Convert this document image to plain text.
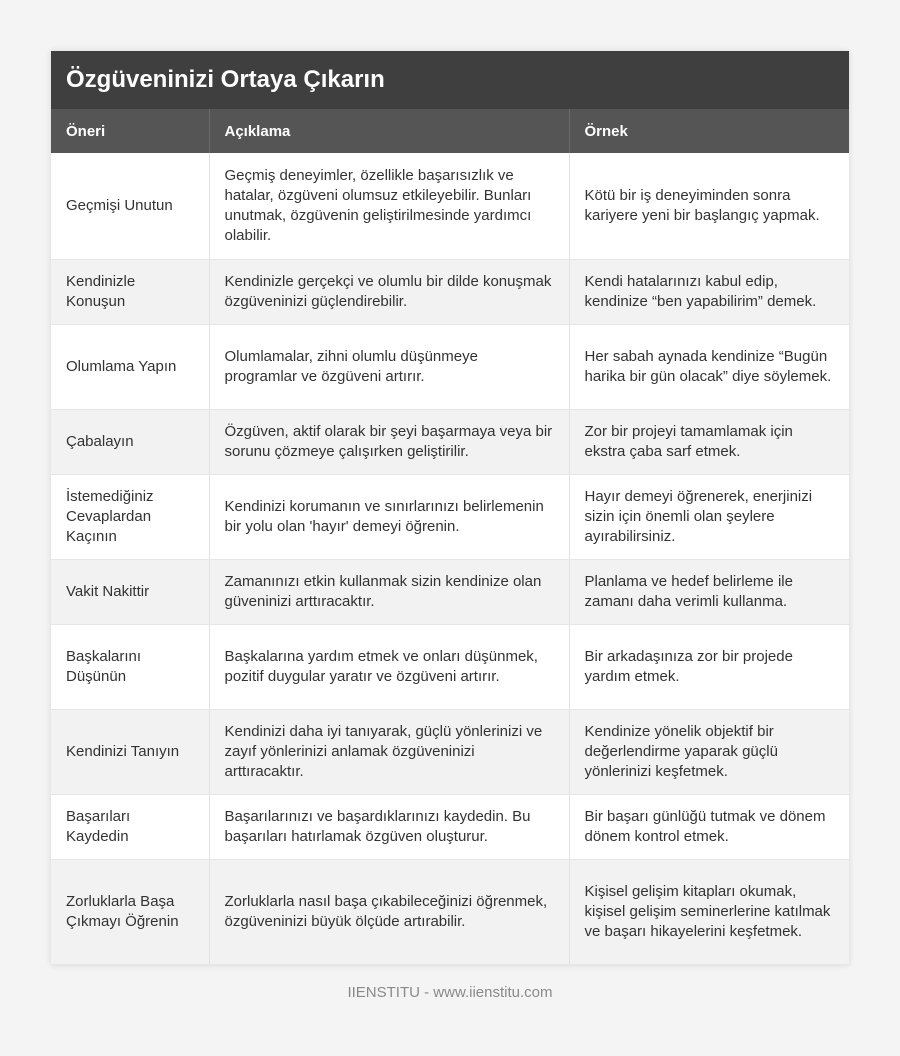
Özgüveninizi Ortaya Çıkarın
Öneri	Açıklama	Örnek
Geçmişi Unutun	Geçmiş deneyimler, özellikle başarısızlık ve hatalar, özgüveni olumsuz etkileyebilir. Bunları unutmak, özgüvenin geliştirilmesinde yardımcı olabilir.	Kötü bir iş deneyiminden sonra kariyere yeni bir başlangıç yapmak.
Kendinizle Konuşun	Kendinizle gerçekçi ve olumlu bir dilde konuşmak özgüveninizi güçlendirebilir.	Kendi hatalarınızı kabul edip, kendinize “ben yapabilirim” demek.
Olumlama Yapın	Olumlamalar, zihni olumlu düşünmeye programlar ve özgüveni artırır.	Her sabah aynada kendinize “Bugün harika bir gün olacak” diye söylemek.
Çabalayın	Özgüven, aktif olarak bir şeyi başarmaya veya bir sorunu çözmeye çalışırken geliştirilir.	Zor bir projeyi tamamlamak için ekstra çaba sarf etmek.
İstemediğiniz Cevaplardan Kaçının	Kendinizi korumanın ve sınırlarınızı belirlemenin bir yolu olan 'hayır' demeyi öğrenin.	Hayır demeyi öğrenerek, enerjinizi sizin için önemli olan şeylere ayırabilirsiniz.
Vakit Nakittir	Zamanınızı etkin kullanmak sizin kendinize olan güveninizi arttıracaktır.	Planlama ve hedef belirleme ile zamanı daha verimli kullanma.
Başkalarını Düşünün	Başkalarına yardım etmek ve onları düşünmek, pozitif duygular yaratır ve özgüveni artırır.	Bir arkadaşınıza zor bir projede yardım etmek.
Kendinizi Tanıyın	Kendinizi daha iyi tanıyarak, güçlü yönlerinizi ve zayıf yönlerinizi anlamak özgüveninizi arttıracaktır.	Kendinize yönelik objektif bir değerlendirme yaparak güçlü yönlerinizi keşfetmek.
Başarıları Kaydedin	Başarılarınızı ve başardıklarınızı kaydedin. Bu başarıları hatırlamak özgüven oluşturur.	Bir başarı günlüğü tutmak ve dönem dönem kontrol etmek.
Zorluklarla Başa Çıkmayı Öğrenin	Zorluklarla nasıl başa çıkabileceğinizi öğrenmek, özgüveninizi büyük ölçüde artırabilir.	Kişisel gelişim kitapları okumak, kişisel gelişim seminerlerine katılmak ve başarı hikayelerini keşfetmek.
IIENSTITU - www.iienstitu.com
